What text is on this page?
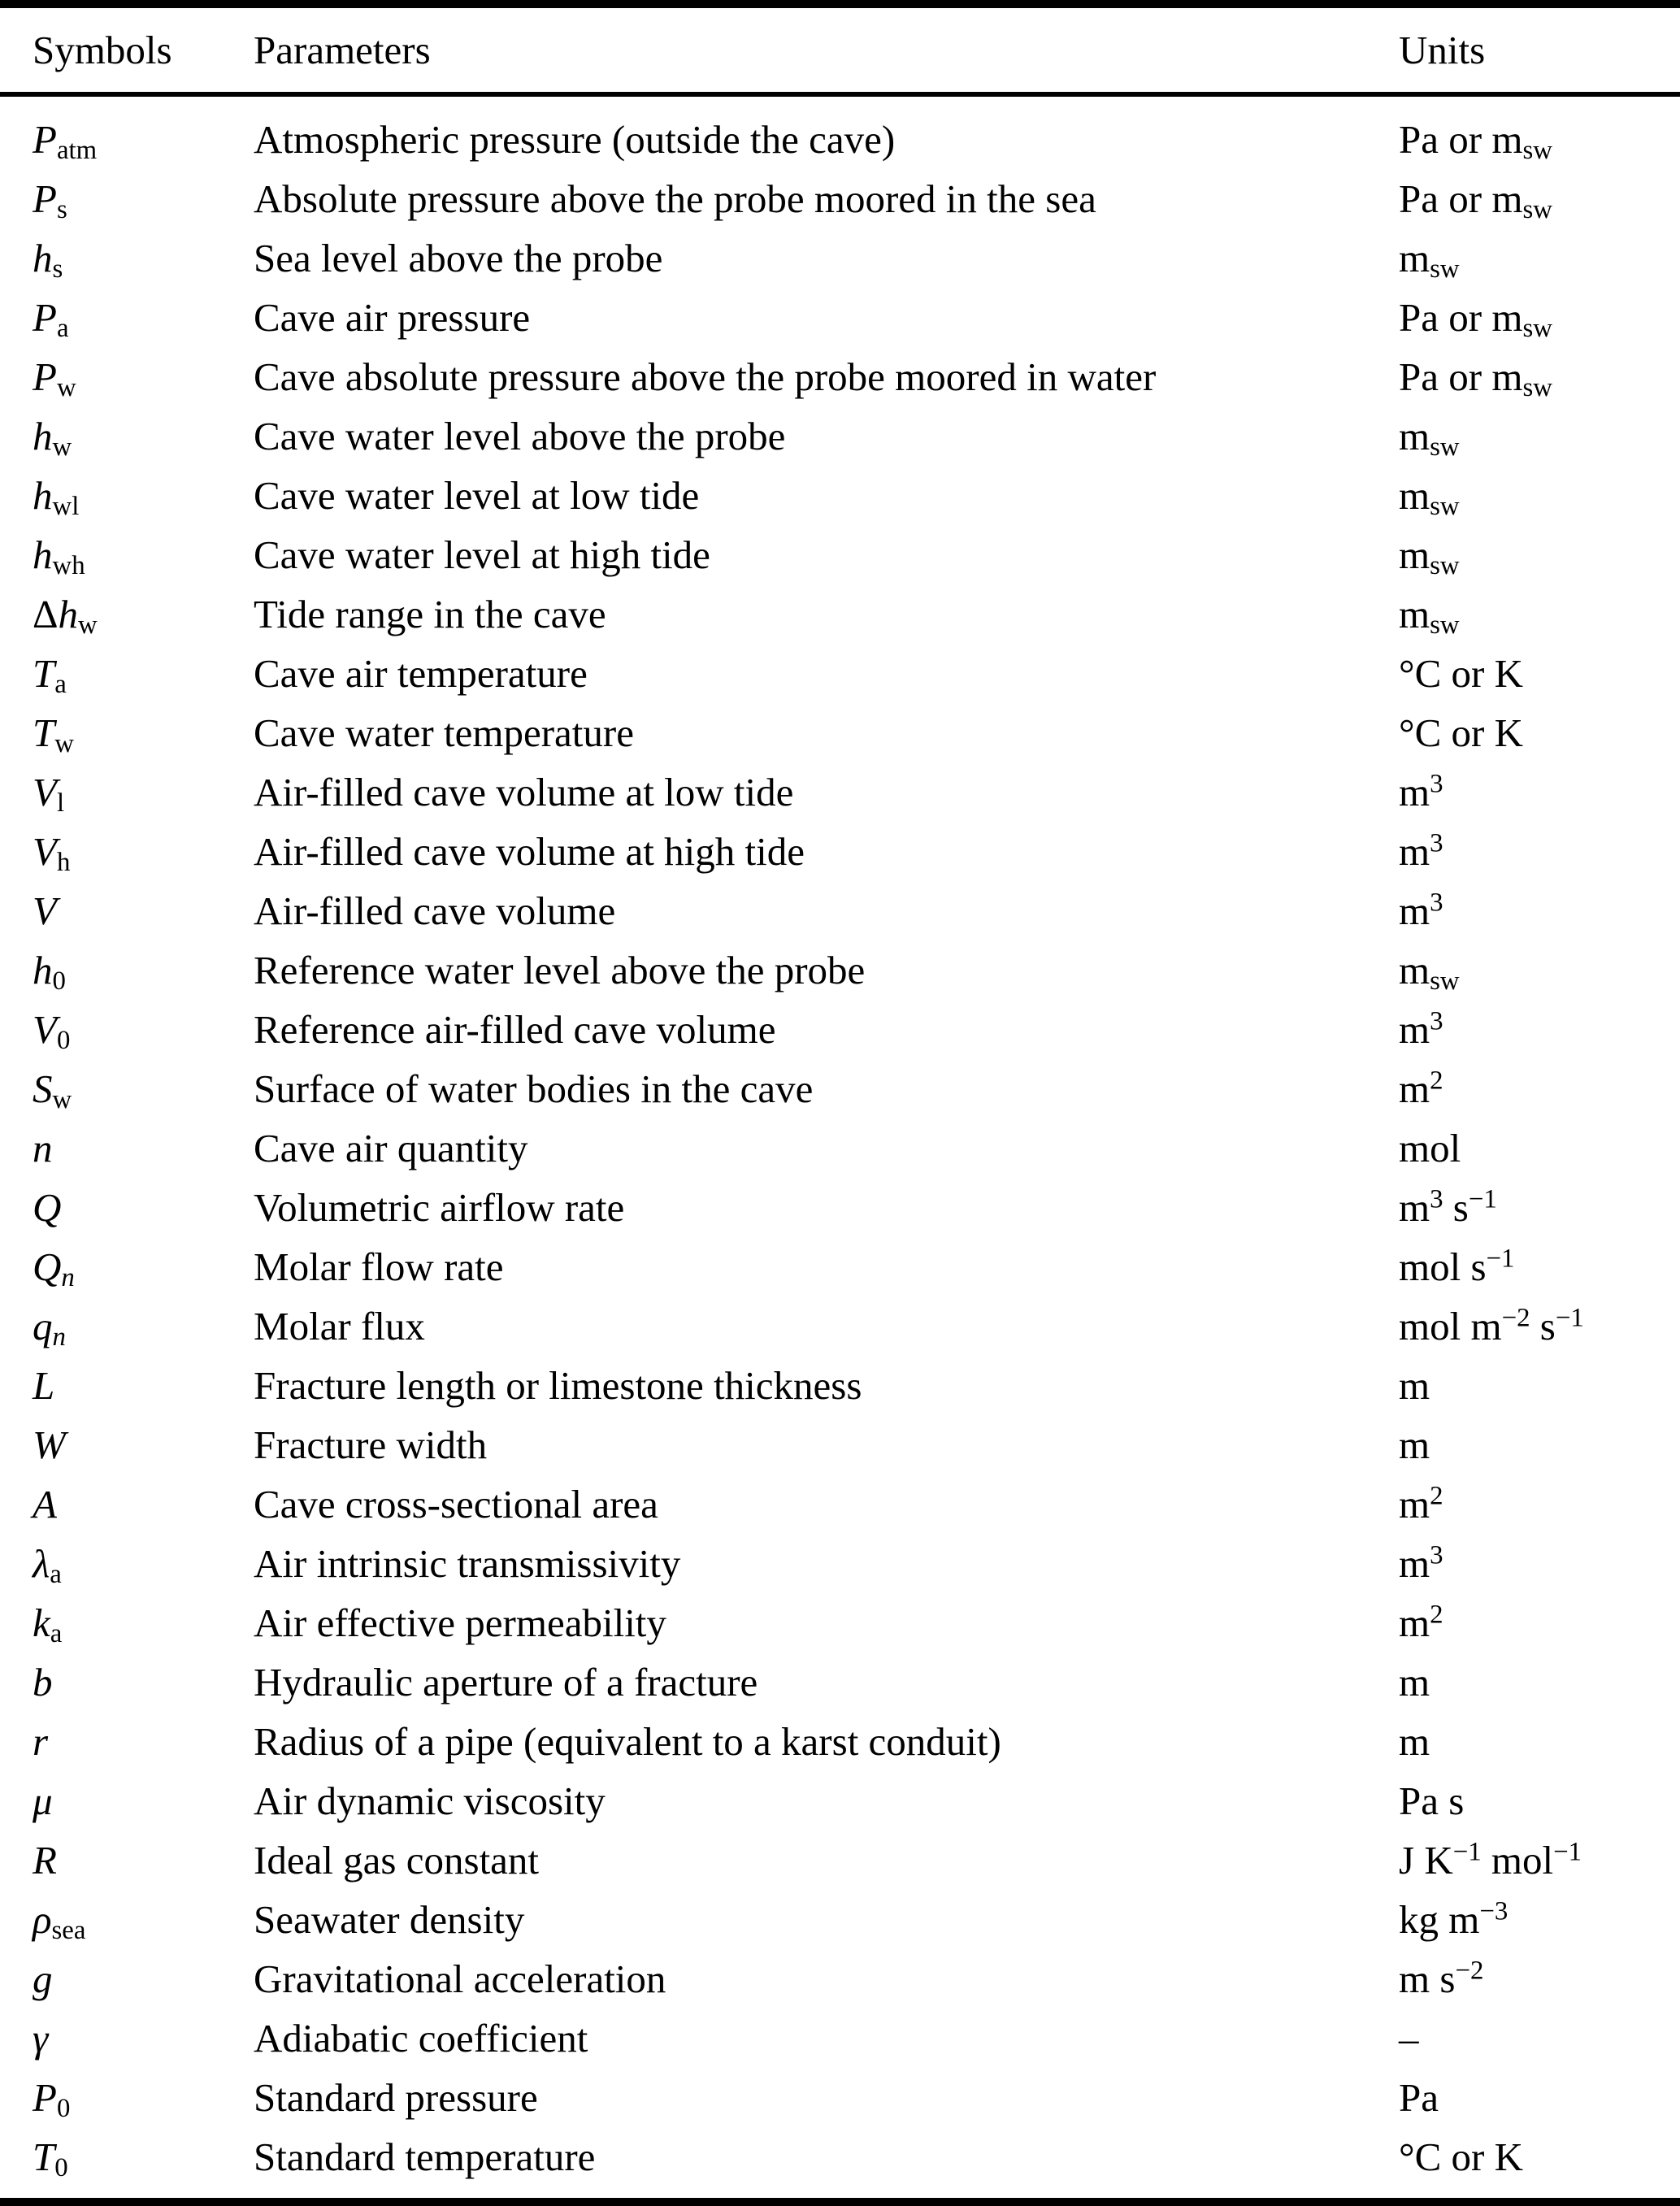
Symbols	Parameters	Units
Patm	Atmospheric pressure (outside the cave)	Pa or msw
Ps	Absolute pressure above the probe moored in the sea	Pa or msw
hs	Sea level above the probe	msw
Pa	Cave air pressure	Pa or msw
Pw	Cave absolute pressure above the probe moored in water	Pa or msw
hw	Cave water level above the probe	msw
hwl	Cave water level at low tide	msw
hwh	Cave water level at high tide	msw
Δhw	Tide range in the cave	msw
Ta	Cave air temperature	°C or K
Tw	Cave water temperature	°C or K
Vl	Air-filled cave volume at low tide	$m^3$
Vh	Air-filled cave volume at high tide	$m^3$
V	Air-filled cave volume	$m^3$
h0	Reference water level above the probe	msw
V0	Reference air-filled cave volume	$m^3$
Sw	Surface of water bodies in the cave	$m^2$
n	Cave air quantity	mol
Q	Volumetric airflow rate	$m^3$ $s^{-1}$
Qn	Molar flow rate	mol $s^{-1}$
qn	Molar flux	mol $m^{-2}$ $s^{-1}$
L	Fracture length or limestone thickness	m
W	Fracture width	m
A	Cave cross-sectional area	$m^2$
λa	Air intrinsic transmissivity	$m^3$
ka	Air effective permeability	$m^2$
b	Hydraulic aperture of a fracture	m
r	Radius of a pipe (equivalent to a karst conduit)	m
μ	Air dynamic viscosity	Pa s
R	Ideal gas constant	J $K^{-1}$ mol$^{-1}$
ρsea	Seawater density	kg $m^{-3}$
g	Gravitational acceleration	m $s^{-2}$
γ	Adiabatic coefficient	–
P0	Standard pressure	Pa
T0	Standard temperature	°C or K
